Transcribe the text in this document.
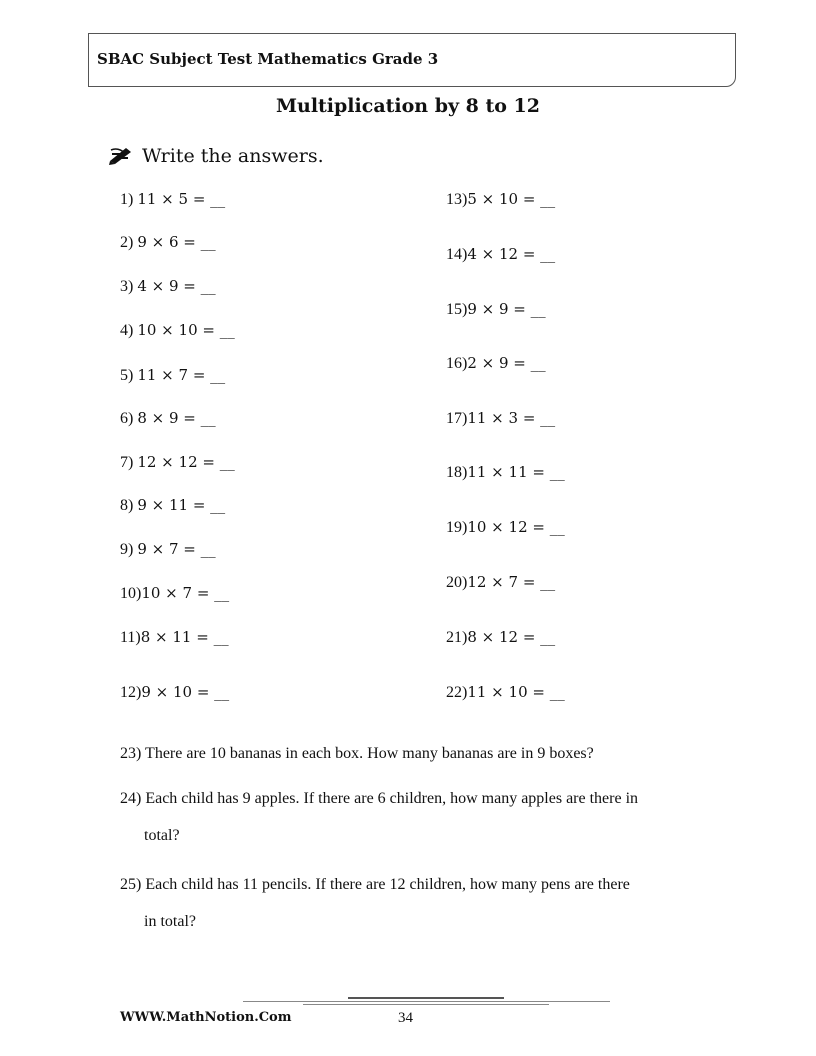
SBAC Subject Test Mathematics Grade 3
Multiplication by 8 to 12
Write the answers.
1) 11 × 5 = __
2) 9 × 6 = __
3) 4 × 9 = __
4) 10 × 10 = __
5) 11 × 7 = __
6) 8 × 9 = __
7) 12 × 12 = __
8) 9 × 11 = __
9) 9 × 7 = __
10)10 × 7 = __
11)8 × 11 = __
12)9 × 10 = __
13)5 × 10 = __
14)4 × 12 = __
15)9 × 9 = __
16)2 × 9 = __
17)11 × 3 = __
18)11 × 11 = __
19)10 × 12 = __
20)12 × 7 = __
21)8 × 12 = __
22)11 × 10 = __
23) There are 10 bananas in each box. How many bananas are in 9 boxes?
24) Each child has 9 apples. If there are 6 children, how many apples are there in
total?
25) Each child has 11 pencils. If there are 12 children, how many pens are there
in total?
WWW.MathNotion.Com	34
